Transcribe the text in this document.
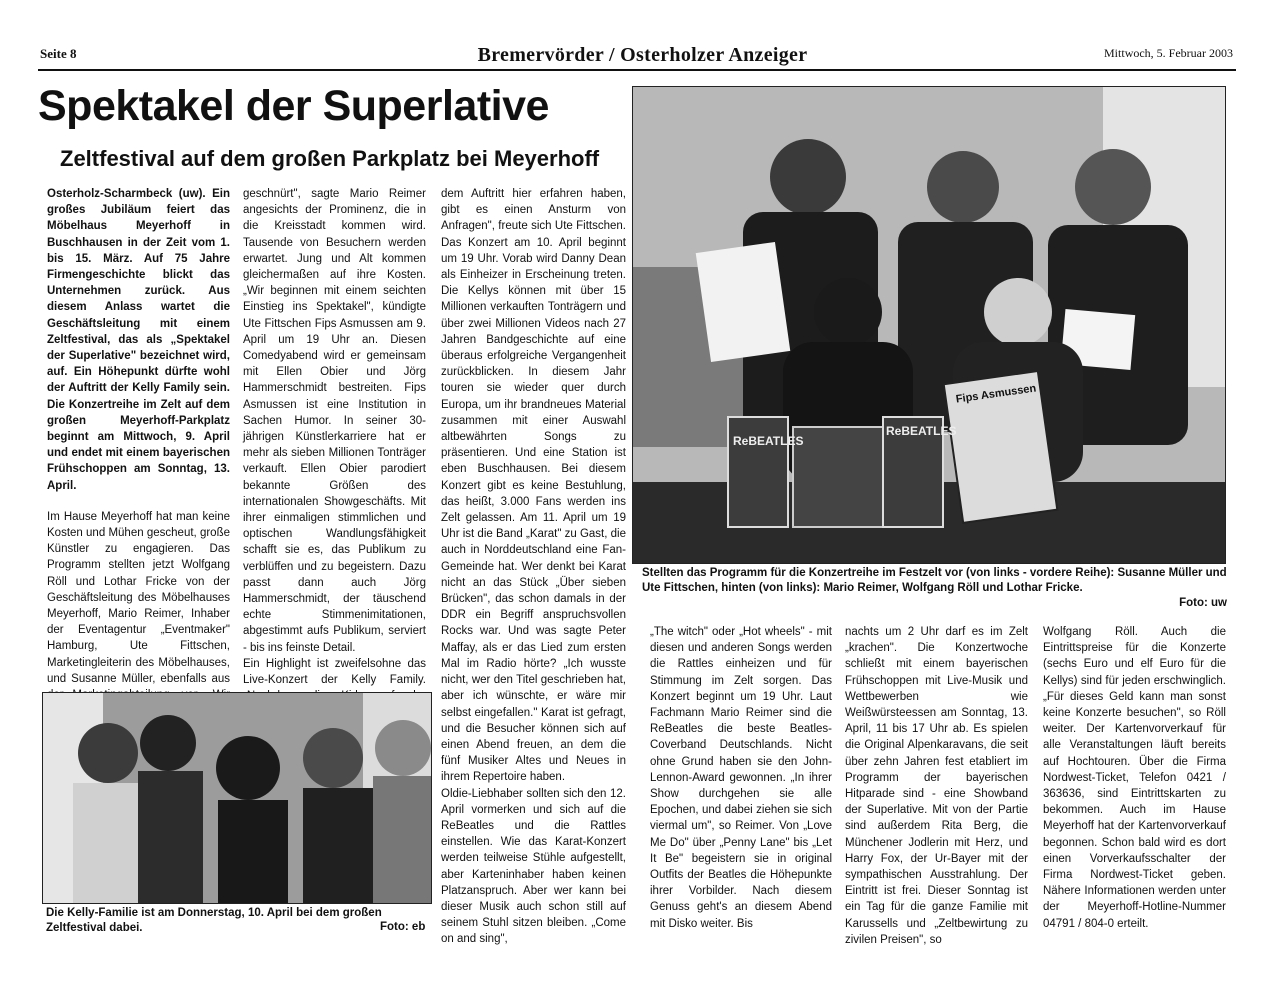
Seite 8	Bremervörder / Osterholzer Anzeiger	Mittwoch, 5. Februar 2003
Spektakel der Superlative
Zeltfestival auf dem großen Parkplatz bei Meyerhoff

Osterholz-Scharmbeck (uw). Ein großes Jubiläum feiert das Möbelhaus Meyerhoff in Buschhausen in der Zeit vom 1. bis 15. März. Auf 75 Jahre Firmengeschichte blickt das Unternehmen zurück. Aus diesem Anlass wartet die Geschäftsleitung mit einem Zeltfestival, das als „Spektakel der Superlative" bezeichnet wird, auf. Ein Höhepunkt dürfte wohl der Auftritt der Kelly Family sein. Die Konzertreihe im Zelt auf dem großen Meyerhoff-Parkplatz beginnt am Mittwoch, 9. April und endet mit einem bayerischen Frühschoppen am Sonntag, 13. April.

Im Hause Meyerhoff hat man keine Kosten und Mühen gescheut, große Künstler zu engagieren. Das Programm stellten jetzt Wolfgang Röll und Lothar Fricke von der Geschäftsleitung des Möbelhauses Meyerhoff, Mario Reimer, Inhaber der Eventagentur „Eventmaker" Hamburg, Ute Fittschen, Marketingleiterin des Möbelhauses, und Susanne Müller, ebenfalls aus

geschnürt", sagte Mario Reimer angesichts der Prominenz, die in die Kreisstadt kommen wird. Tausende von Besuchern werden erwartet. Jung und Alt kommen gleichermaßen auf ihre Kosten. „Wir beginnen mit einem seichten Einstieg ins Spektakel", kündigte Ute Fittschen Fips Asmussen am 9. April um 19 Uhr an. Diesen Comedyabend wird er gemeinsam mit Ellen Obier und Jörg Hammerschmidt bestreiten. Fips Asmussen ist eine Institution in Sachen Humor. In seiner 30-jährigen Künstlerkarriere hat er mehr als sieben Millionen Tonträger verkauft. Ellen Obier parodiert bekannte Größen des internationalen Showgeschäfts. Mit ihrer einmaligen stimmlichen und optischen Wandlungsfähigkeit schafft sie es, das Publikum zu verblüffen und zu begeistern. Dazu passt dann auch Jörg Hammerschmidt, der täuschend echte Stimmenimitationen, abgestimmt aufs Publikum, serviert - bis ins feinste Detail.

Ein Highlight ist zweifelsohne das Live-Konzert der Kelly Family.

dem Auftritt hier erfahren haben, gibt es einen Ansturm von Anfragen", freute sich Ute Fittschen. Das Konzert am 10. April beginnt um 19 Uhr. Vorab wird Danny Dean als Einheizer in Erscheinung treten. Die Kellys können mit über 15 Millionen verkauften Tonträgern und über zwei Millionen Videos nach 27 Jahren Bandgeschichte auf eine überaus erfolgreiche Vergangenheit zurückblicken. In diesem Jahr touren sie wieder quer durch Europa, um ihr brandneues Material zusammen mit einer Auswahl altbewährten Songs zu präsentieren. Und eine Station ist eben Buschhausen. Bei diesem Konzert gibt es keine Bestuhlung, das heißt, 3.000 Fans werden ins Zelt gelassen. Am 11. April um 19 Uhr ist die Band „Karat" zu Gast, die auch in Norddeutschland eine Fan-Gemeinde hat. Wer denkt bei Karat nicht an das Stück „Über sieben Brücken", das schon damals in der DDR ein Begriff anspruchsvollen Rocks war. Und was sagte Peter Maffay, als er das Lied zum ersten Mal im Radio hörte? „Ich wusste nicht, wer den Titel geschrieben hat, aber ich wünschte, er wäre mir selbst eingefallen." Karat ist gefragt, und die Besucher können sich auf einen Abend freuen, an dem die fünf Musiker Altes und Neues in ihrem Repertoire haben.

Oldie-Liebhaber sollten sich den 12. April vormerken und sich auf die ReBeatles und die Rattles einstellen. Wie das Karat-Konzert werden teilweise Stühle aufgestellt, aber Karteninhaber haben keinen Platzanspruch. Aber wer kann bei dieser Musik auch schon still auf seinem Stuhl sitzen bleiben. „Come on and sing",

„The witch" oder „Hot wheels" - mit diesen und anderen Songs werden die Rattles einheizen und für Stimmung im Zelt sorgen. Das Konzert beginnt um 19 Uhr. Laut Fachmann Mario Reimer sind die ReBeatles die beste Beatles-Coverband Deutschlands. Nicht ohne Grund haben sie den John-Lennon-Award gewonnen. „In ihrer Show durchgehen sie alle Epochen, und dabei ziehen sie sich viermal um", so Reimer. Von „Love Me Do" über „Penny Lane" bis „Let It Be" begeistern sie in original Outfits der Beatles die Höhepunkte ihrer Vorbilder. Nach diesem Genuss geht's an diesem Abend mit Disko weiter. Bis

nachts um 2 Uhr darf es im Zelt „krachen". Die Konzertwoche schließt mit einem bayerischen Frühschoppen mit Live-Musik und Wettbewerben wie Weißwürsteessen am Sonntag, 13. April, 11 bis 17 Uhr ab. Es spielen die Original Alpenkaravans, die seit über zehn Jahren fest etabliert im Programm der bayerischen Hitparade sind - eine Showband der Superlative. Mit von der Partie sind außerdem Rita Berg, die Münchener Jodlerin mit Herz, und Harry Fox, der Ur-Bayer mit der sympathischen Ausstrahlung. Der Eintritt ist frei. Dieser Sonntag ist ein Tag für die ganze Familie mit Karussells und „Zeltbewirtung zu zivilen Preisen", so

Wolfgang Röll. Auch die Eintrittspreise für die Konzerte (sechs Euro und elf Euro für die Kellys) sind für jeden erschwinglich. „Für dieses Geld kann man sonst keine Konzerte besuchen", so Röll weiter. Der Kartenvorverkauf für alle Veranstaltungen läuft bereits auf Hochtouren. Über die Firma Nordwest-Ticket, Telefon 0421 / 363636, sind Eintrittskarten zu bekommen. Auch im Hause Meyerhoff hat der Kartenvorverkauf begonnen. Schon bald wird es dort einen Vorverkaufsschalter der Firma Nordwest-Ticket geben. Nähere Informationen werden unter der Meyerhoff-Hotline-Nummer 04791 / 804-0 erteilt.

ReBEATLES
ReBEATLES
Fips Asmussen
Stellten das Programm für die Konzertreihe im Festzelt vor (von links - vordere Reihe): Susanne Müller und Ute Fittschen, hinten (von links): Mario Reimer, Wolfgang Röll und Lothar Fricke.
Foto: uw
Die Kelly-Familie ist am Donnerstag, 10. April bei dem großen Zeltfestival dabei.	Foto: eb
